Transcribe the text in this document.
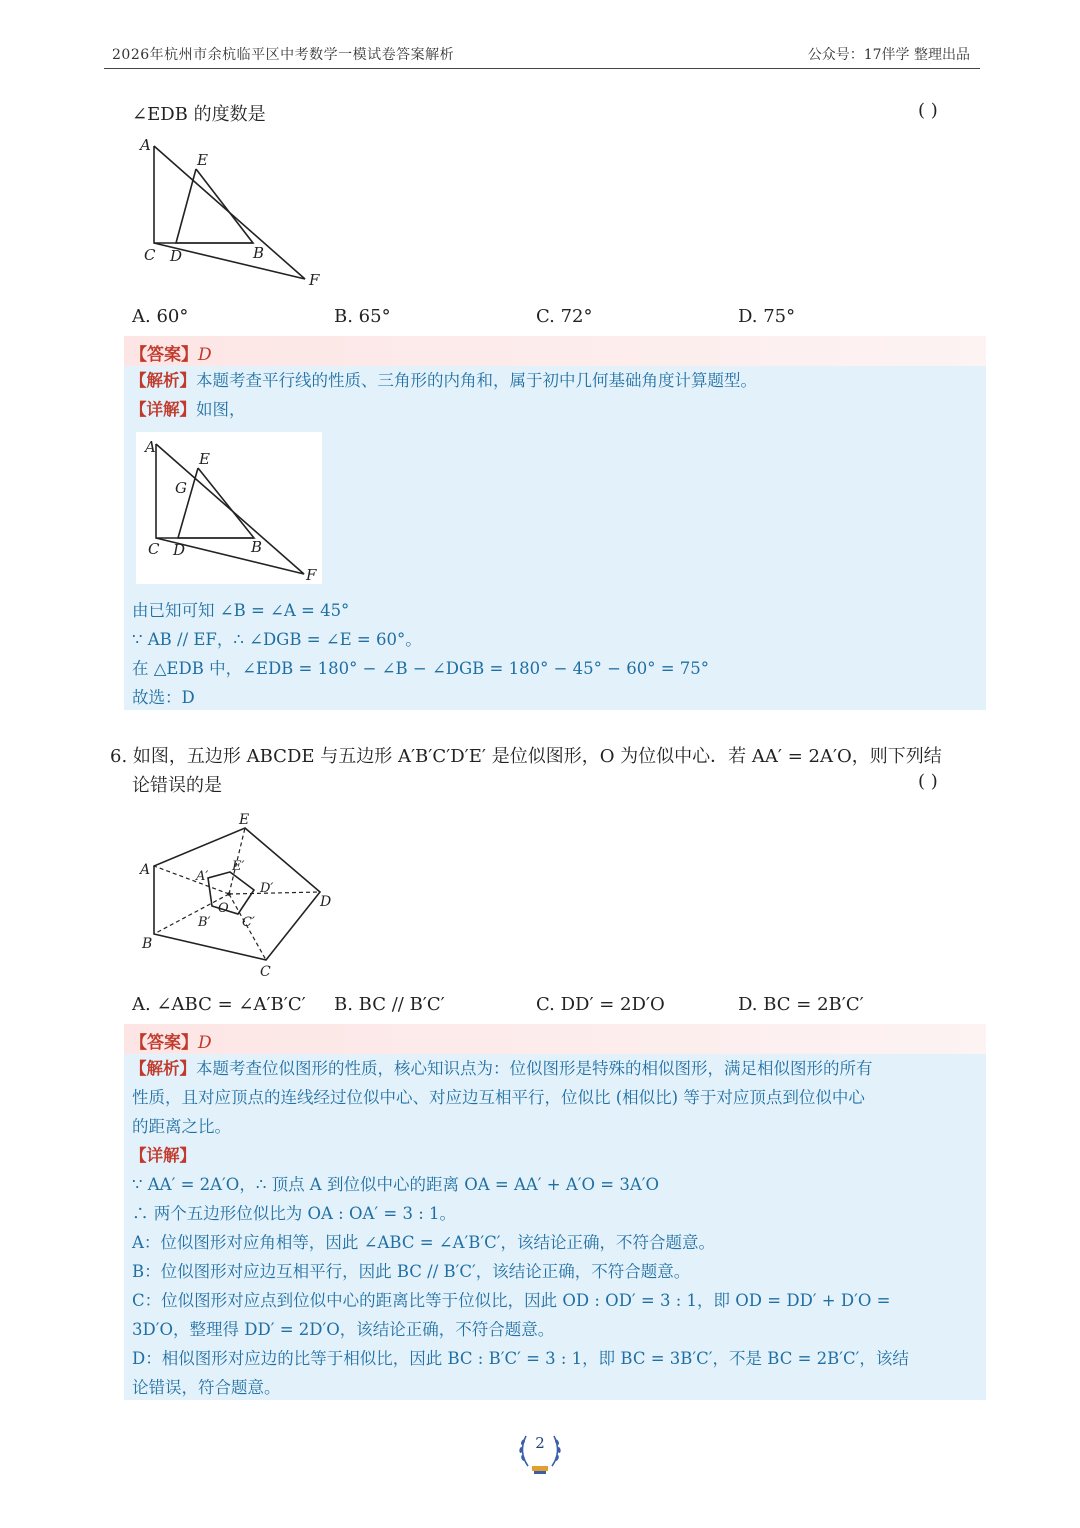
2026年杭州市余杭临平区中考数学一模试卷答案解析	公众号：17伴学 整理出品
∠EDB 的度数是	( )
A
E
C D	B
F
A. 60°	B. 65°	C. 72°	D. 75°
【答案】D
【解析】本题考查平行线的性质、三角形的内角和，属于初中几何基础角度计算题型。
【详解】如图，
A
E
G
C D	B
F
由已知可知 ∠B = ∠A = 45°
∵ AB // EF，∴ ∠DGB = ∠E = 60°。
在 △EDB 中，∠EDB = 180° − ∠B − ∠DGB = 180° − 45° − 60° = 75°
故选：D
6. 如图，五边形 ABCDE 与五边形 A′B′C′D′E′ 是位似图形，O 为位似中心．若 AA′ = 2A′O，则下列结
论错误的是	( )
E
A	E′
A′
D′
O	D
B′ C′
B
C
A. ∠ABC = ∠A′B′C′ B. BC // B′C′	C. DD′ = 2D′O	D. BC = 2B′C′
【答案】D
【解析】本题考查位似图形的性质，核心知识点为：位似图形是特殊的相似图形，满足相似图形的所有
性质，且对应顶点的连线经过位似中心、对应边互相平行，位似比 (相似比) 等于对应顶点到位似中心
的距离之比。
【详解】
∵ AA′ = 2A′O，∴ 顶点 A 到位似中心的距离 OA = AA′ + A′O = 3A′O
∴ 两个五边形位似比为 OA : OA′ = 3 : 1。
A：位似图形对应角相等，因此 ∠ABC = ∠A′B′C′，该结论正确，不符合题意。
B：位似图形对应边互相平行，因此 BC // B′C′，该结论正确，不符合题意。
C：位似图形对应点到位似中心的距离比等于位似比，因此 OD : OD′ = 3 : 1，即 OD = DD′ + D′O =
3D′O，整理得 DD′ = 2D′O，该结论正确，不符合题意。
D：相似图形对应边的比等于相似比，因此 BC : B′C′ = 3 : 1，即 BC = 3B′C′，不是 BC = 2B′C′，该结
论错误，符合题意。
2
